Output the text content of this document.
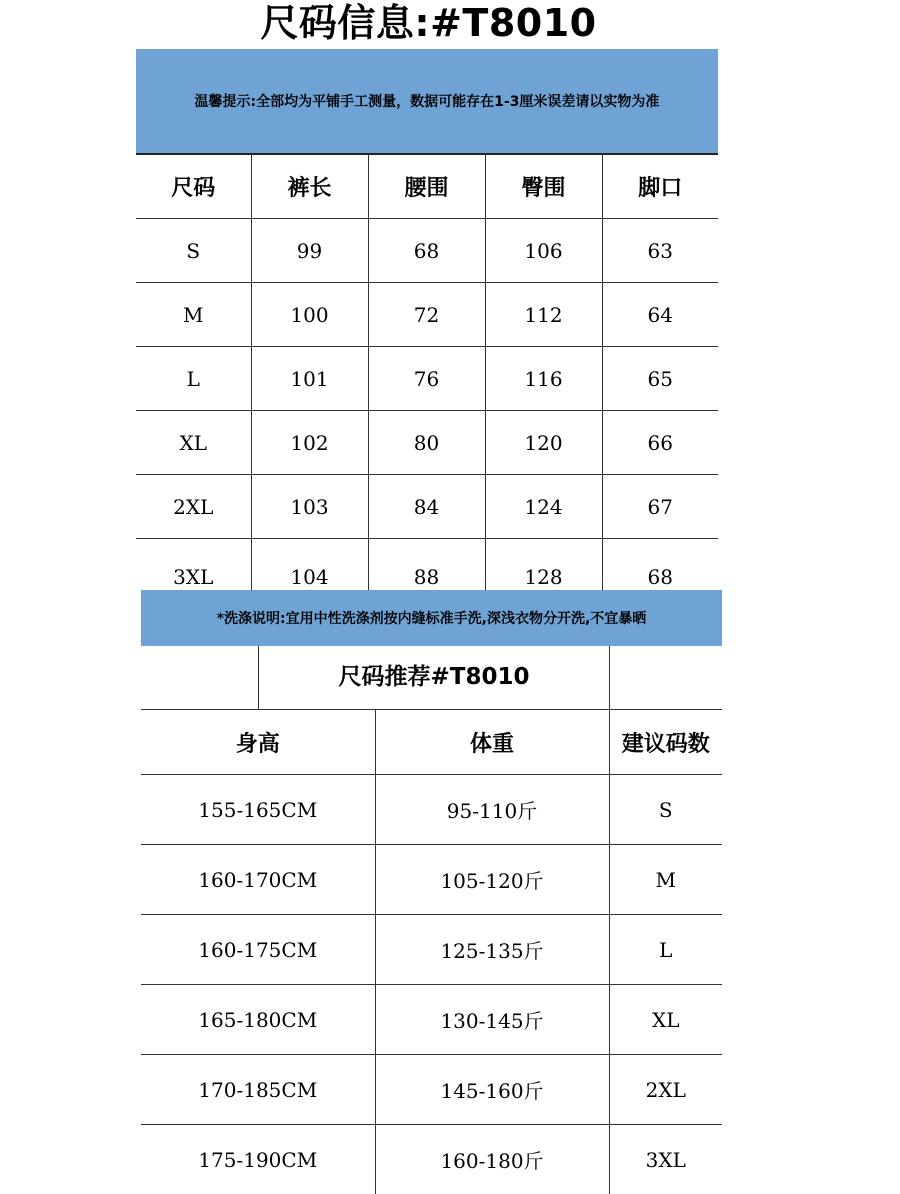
尺码信息:#T8010
温馨提示:全部均为平铺手工测量，数据可能存在1-3厘米误差请以实物为准
尺码	裤长	腰围	臀围	脚口
S	99	68	106	63
M	100	72	112	64
L	101	76	116	65
XL	102	80	120	66
2XL	103	84	124	67
3XL	104	88	128	68
*洗涤说明:宜用中性洗涤剂按内缝标准手洗,深浅衣物分开洗,不宜暴晒
尺码推荐#T8010
身高	体重	建议码数
155-165CM	95-110斤	S
160-170CM	105-120斤	M
160-175CM	125-135斤	L
165-180CM	130-145斤	XL
170-185CM	145-160斤	2XL
175-190CM	160-180斤	3XL
